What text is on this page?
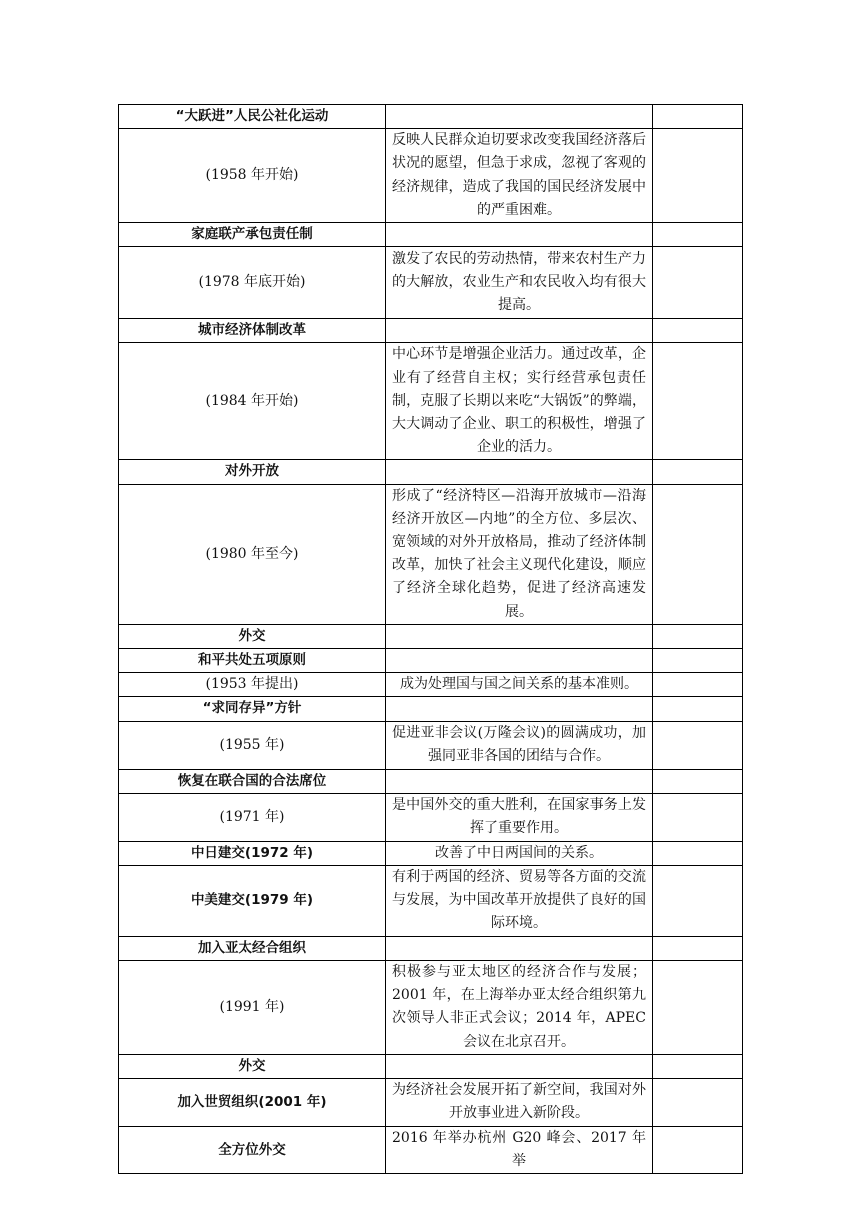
“大跃进”人民公社化运动		
(1958 年开始)	反映人民群众迫切要求改变我国经济落后状况的愿望，但急于求成，忽视了客观的经济规律，造成了我国的国民经济发展中的严重困难。	
家庭联产承包责任制		
(1978 年底开始)	激发了农民的劳动热情，带来农村生产力的大解放，农业生产和农民收入均有很大提高。	
城市经济体制改革		
(1984 年开始)	中心环节是增强企业活力。通过改革，企业有了经营自主权；实行经营承包责任制，克服了长期以来吃“大锅饭”的弊端，大大调动了企业、职工的积极性，增强了企业的活力。	
对外开放		
(1980 年至今)	形成了“经济特区—沿海开放城市—沿海经济开放区—内地”的全方位、多层次、宽领域的对外开放格局，推动了经济体制改革，加快了社会主义现代化建设，顺应了经济全球化趋势，促进了经济高速发展。	
外交		
和平共处五项原则		
(1953 年提出)	成为处理国与国之间关系的基本准则。	
“求同存异”方针		
(1955 年)	促进亚非会议(万隆会议)的圆满成功，加强同亚非各国的团结与合作。	
恢复在联合国的合法席位		
(1971 年)	是中国外交的重大胜利，在国家事务上发挥了重要作用。	
中日建交(1972 年)	改善了中日两国间的关系。	
中美建交(1979 年)	有利于两国的经济、贸易等各方面的交流与发展，为中国改革开放提供了良好的国际环境。	
加入亚太经合组织		
(1991 年)	积极参与亚太地区的经济合作与发展；2001 年，在上海举办亚太经合组织第九次领导人非正式会议；2014 年，APEC 会议在北京召开。	
外交		
加入世贸组织(2001 年)	为经济社会发展开拓了新空间，我国对外开放事业进入新阶段。	
全方位外交	2016 年举办杭州 G20 峰会、2017 年举	
